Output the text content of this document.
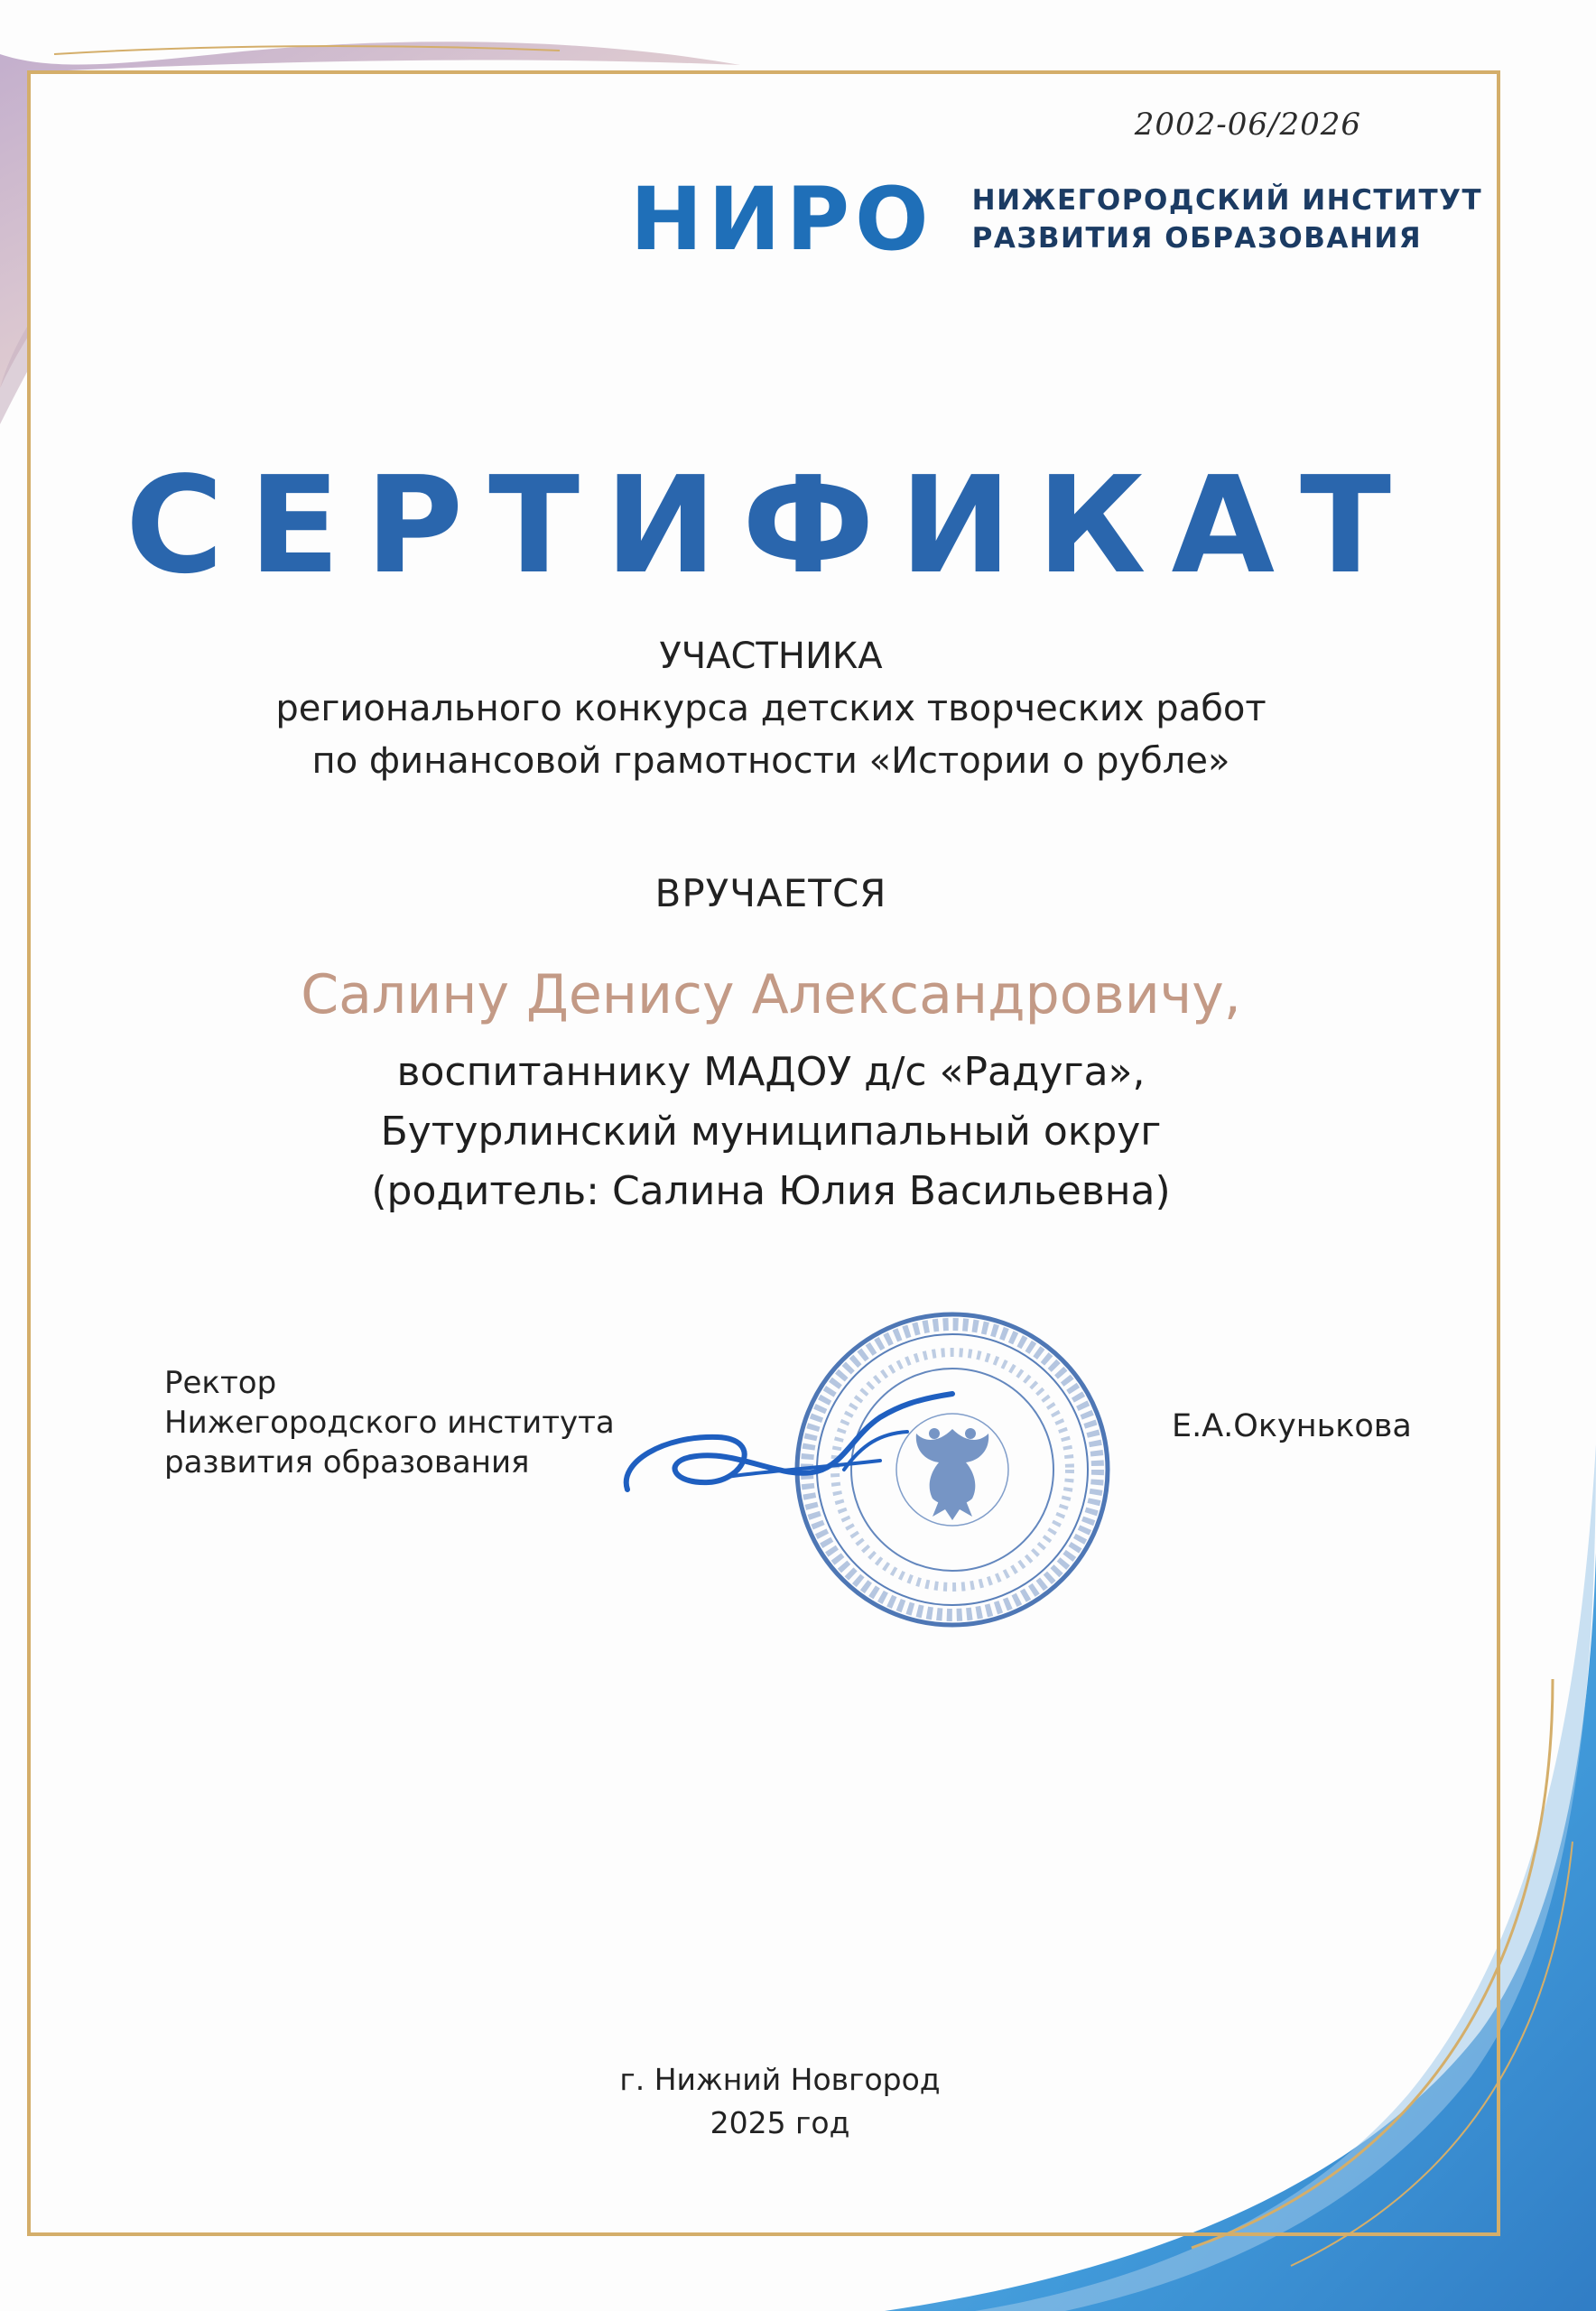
2002-06/2026
НИРО НИЖЕГОРОДСКИЙ ИНСТИТУТ
РАЗВИТИЯ ОБРАЗОВАНИЯ
СЕРТИФИКАТ
УЧАСТНИКА
регионального конкурса детских творческих работ
по финансовой грамотности «Истории о рубле»
ВРУЧАЕТСЯ
Салину Денису Александровичу,
воспитаннику МАДОУ д/с «Радуга»,
Бутурлинский муниципальный округ
(родитель: Салина Юлия Васильевна)
Ректор
Нижегородского института
развития образования
Е.А.Окунькова
г. Нижний Новгород
2025 год
